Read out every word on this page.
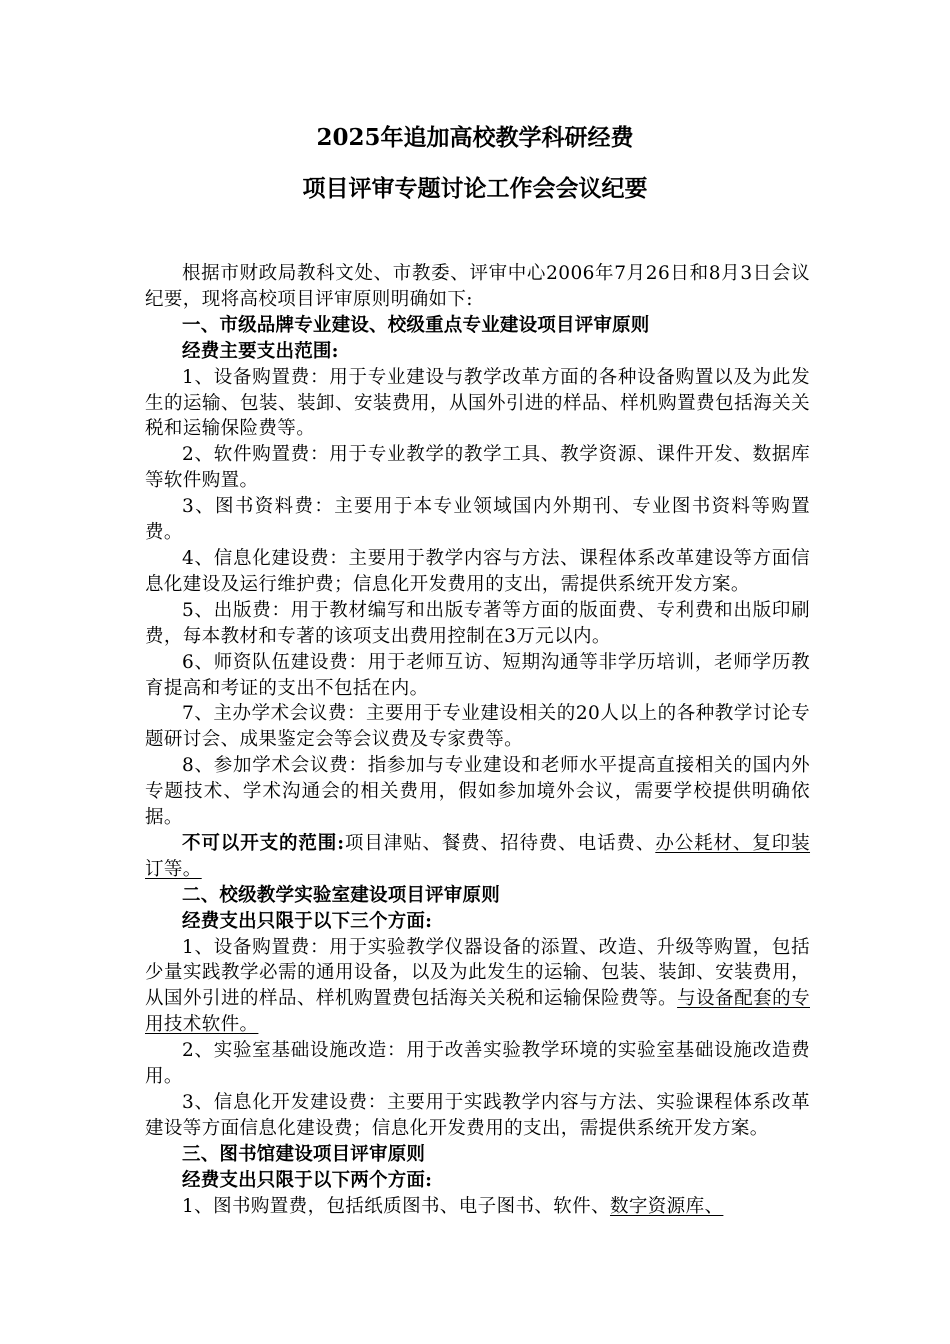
2025年追加高校教学科研经费
项目评审专题讨论工作会会议纪要

根据市财政局教科文处、市教委、评审中心2006年7月26日和8月3日会议纪要，现将高校项目评审原则明确如下:

一、市级品牌专业建设、校级重点专业建设项目评审原则

经费主要支出范围:

1、设备购置费：用于专业建设与教学改革方面的各种设备购置以及为此发生的运输、包装、装卸、安装费用，从国外引进的样品、样机购置费包括海关关税和运输保险费等。

2、软件购置费：用于专业教学的教学工具、教学资源、课件开发、数据库等软件购置。

3、图书资料费：主要用于本专业领域国内外期刊、专业图书资料等购置费。

4、信息化建设费：主要用于教学内容与方法、课程体系改革建设等方面信息化建设及运行维护费；信息化开发费用的支出，需提供系统开发方案。

5、出版费：用于教材编写和出版专著等方面的版面费、专利费和出版印刷费，每本教材和专著的该项支出费用控制在3万元以内。

6、师资队伍建设费：用于老师互访、短期沟通等非学历培训，老师学历教育提高和考证的支出不包括在内。

7、主办学术会议费：主要用于专业建设相关的20人以上的各种教学讨论专题研讨会、成果鉴定会等会议费及专家费等。

8、参加学术会议费：指参加与专业建设和老师水平提高直接相关的国内外专题技术、学术沟通会的相关费用，假如参加境外会议，需要学校提供明确依据。

不可以开支的范围:项目津贴、餐费、招待费、电话费、办公耗材、复印装订等。

二、校级教学实验室建设项目评审原则

经费支出只限于以下三个方面:

1、设备购置费：用于实验教学仪器设备的添置、改造、升级等购置，包括少量实践教学必需的通用设备，以及为此发生的运输、包装、装卸、安装费用，从国外引进的样品、样机购置费包括海关关税和运输保险费等。与设备配套的专用技术软件。

2、实验室基础设施改造：用于改善实验教学环境的实验室基础设施改造费用。

3、信息化开发建设费：主要用于实践教学内容与方法、实验课程体系改革建设等方面信息化建设费；信息化开发费用的支出，需提供系统开发方案。

三、图书馆建设项目评审原则

经费支出只限于以下两个方面:

1、图书购置费，包括纸质图书、电子图书、软件、数字资源库、
